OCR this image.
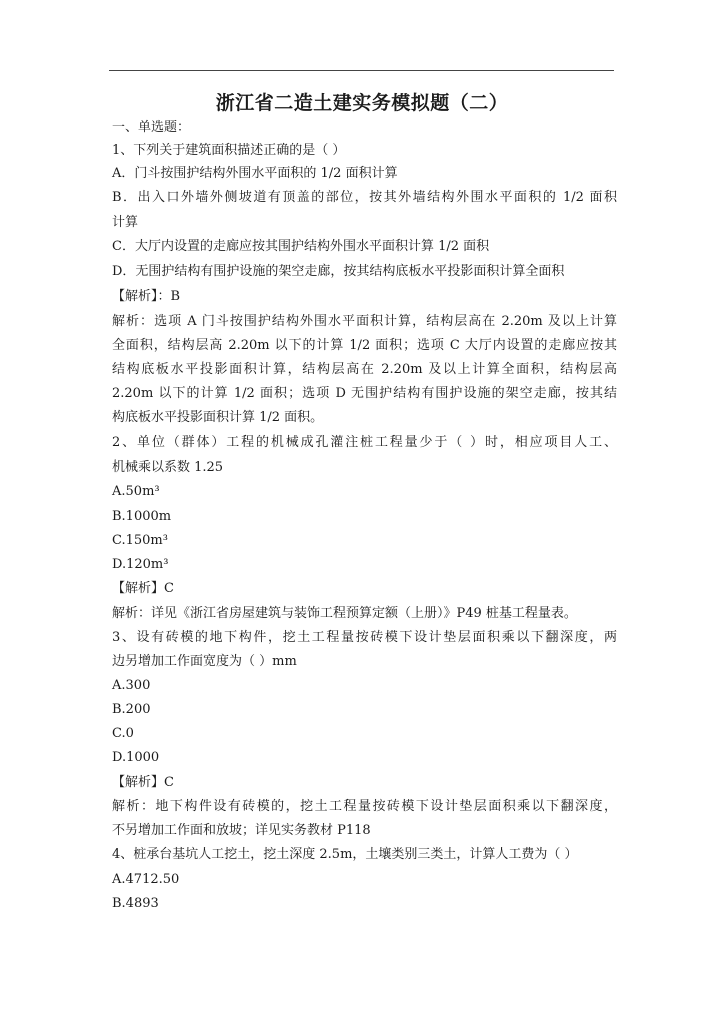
浙江省二造土建实务模拟题（二）
一、单选题：
1、下列关于建筑面积描述正确的是（ ）
A．门斗按围护结构外围水平面积的 1/2 面积计算
B．出入口外墙外侧坡道有顶盖的部位，按其外墙结构外围水平面积的 1/2 面积
计算
C．大厅内设置的走廊应按其围护结构外围水平面积计算 1/2 面积
D．无围护结构有围护设施的架空走廊，按其结构底板水平投影面积计算全面积
【解析】：B
解析：选项 A 门斗按围护结构外围水平面积计算，结构层高在 2.20m 及以上计算
全面积，结构层高 2.20m 以下的计算 1/2 面积；选项 C 大厅内设置的走廊应按其
结构底板水平投影面积计算，结构层高在 2.20m 及以上计算全面积，结构层高
2.20m 以下的计算 1/2 面积；选项 D 无围护结构有围护设施的架空走廊，按其结
构底板水平投影面积计算 1/2 面积。
2、单位（群体）工程的机械成孔灌注桩工程量少于（ ）时，相应项目人工、
机械乘以系数 1.25
A.50m³
B.1000m
C.150m³
D.120m³
【解析】C
解析：详见《浙江省房屋建筑与装饰工程预算定额（上册）》P49 桩基工程量表。
3、设有砖模的地下构件，挖土工程量按砖模下设计垫层面积乘以下翻深度，两
边另增加工作面宽度为（ ）mm
A.300
B.200
C.0
D.1000
【解析】C
解析：地下构件设有砖模的，挖土工程量按砖模下设计垫层面积乘以下翻深度，
不另增加工作面和放坡；详见实务教材 P118
4、桩承台基坑人工挖土，挖土深度 2.5m，土壤类别三类土，计算人工费为（ ）
A.4712.50
B.4893
